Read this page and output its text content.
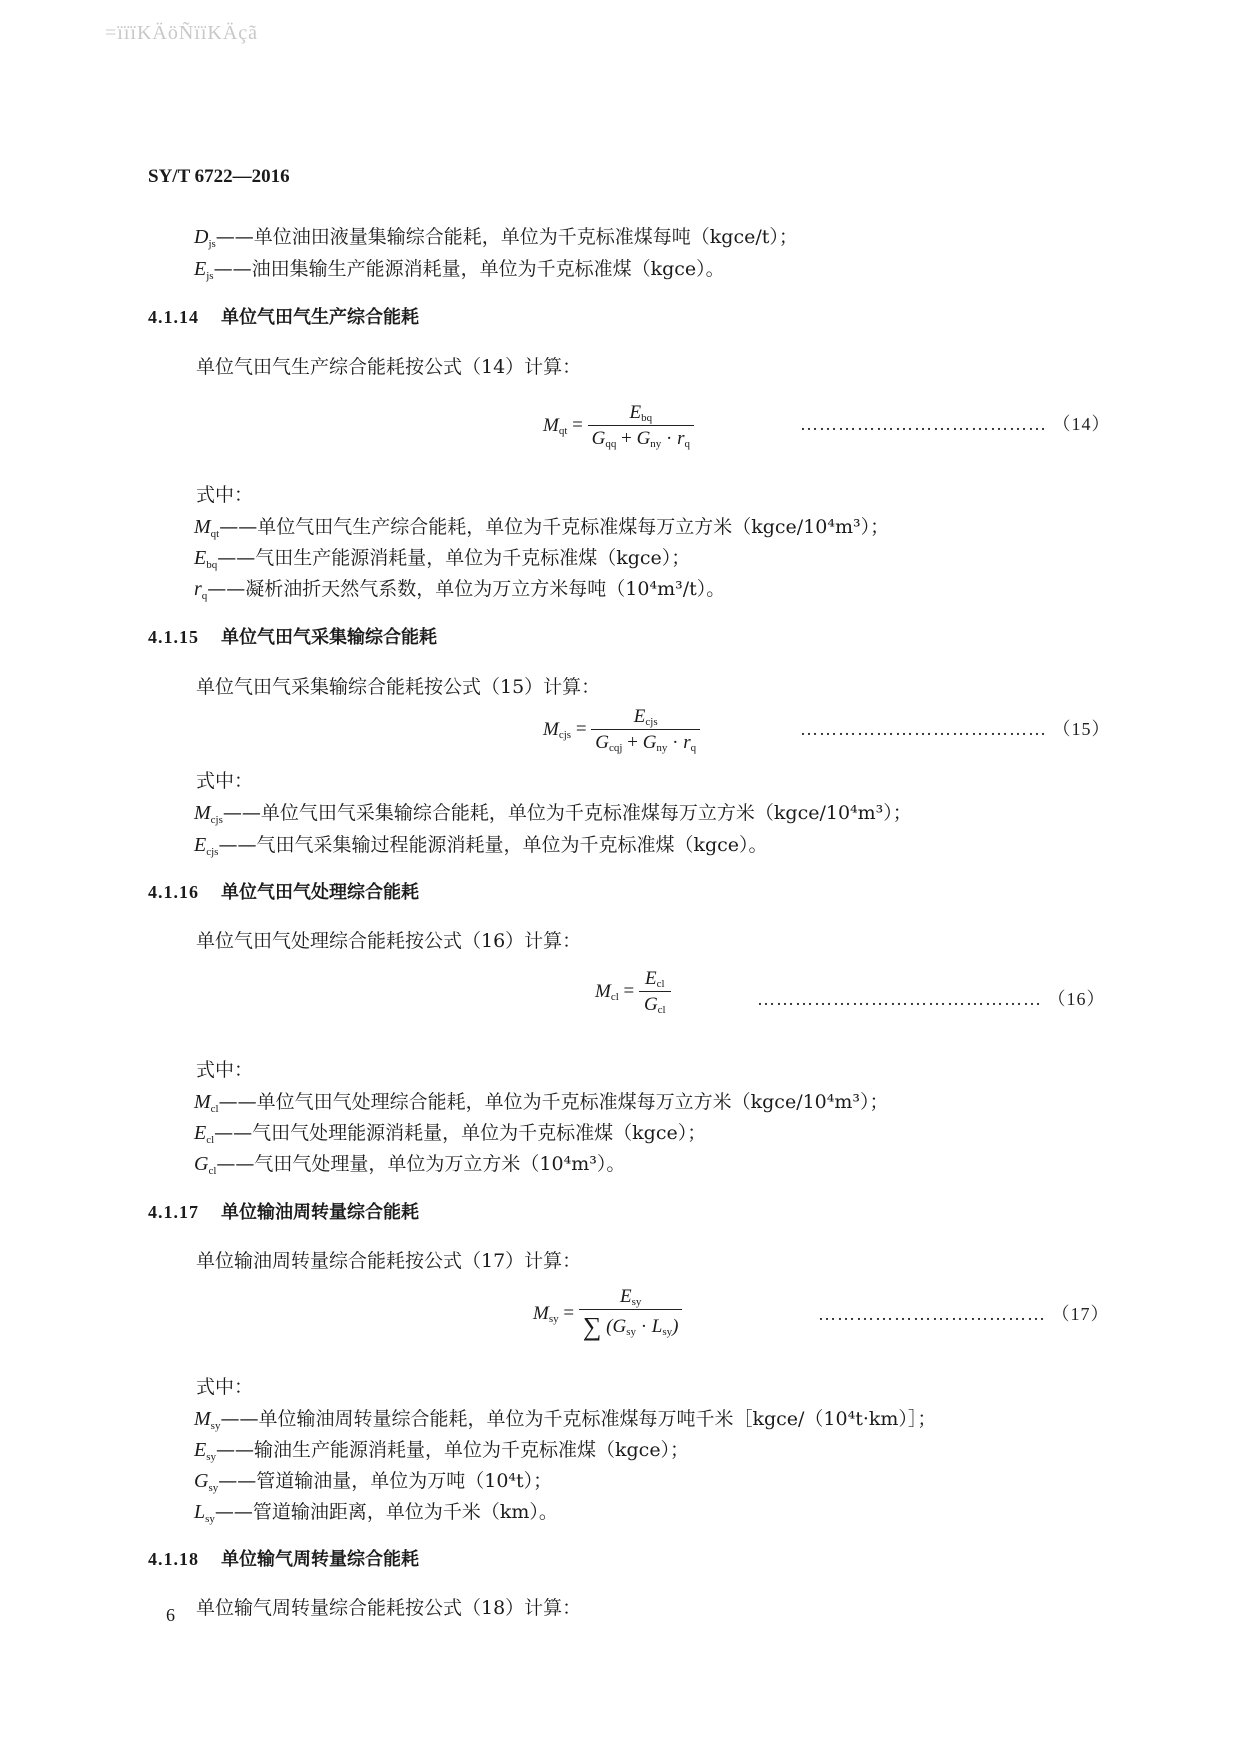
=ïïïKÄöÑïïKÄçã
SY/T 6722—2016
$D_{js}——$单位油田液量集输综合能耗，单位为千克标准煤每吨（kgce/t）；
$E_{js}——$油田集输生产能源消耗量，单位为千克标准煤（kgce）。
4.1.14 单位气田气生产综合能耗
单位气田气生产综合能耗按公式（14）计算：
$M_{qt} = \frac{E_{bq}}{G_{qq} + G_{ny} \cdot r_q}$	………………………………… （14）
式中：
$M_{qt}——$单位气田气生产综合能耗，单位为千克标准煤每万立方米（kgce/10⁴m³）；
$E_{bq}——$气田生产能源消耗量，单位为千克标准煤（kgce）；
$r_q——$凝析油折天然气系数，单位为万立方米每吨（10⁴m³/t）。
4.1.15 单位气田气采集输综合能耗
单位气田气采集输综合能耗按公式（15）计算：
$M_{cjs} = \frac{E_{cjs}}{G_{cqj} + G_{ny} \cdot r_q}$	………………………………… （15）
式中：
$M_{cjs}——$单位气田气采集输综合能耗，单位为千克标准煤每万立方米（kgce/10⁴m³）；
$E_{cjs}——$气田气采集输过程能源消耗量，单位为千克标准煤（kgce）。
4.1.16 单位气田气处理综合能耗
单位气田气处理综合能耗按公式（16）计算：
$M_{cl} = \frac{E_{cl}}{G_{cl}}$	……………………………………… （16）
式中：
$M_{cl}——$单位气田气处理综合能耗，单位为千克标准煤每万立方米（kgce/10⁴m³）；
$E_{cl}——$气田气处理能源消耗量，单位为千克标准煤（kgce）；
$G_{cl}——$气田气处理量，单位为万立方米（10⁴m³）。
4.1.17 单位输油周转量综合能耗
单位输油周转量综合能耗按公式（17）计算：
$M_{sy} = \frac{E_{sy}}{\sum (G_{sy} \cdot L_{sy})}$	……………………………… （17）
式中：
$M_{sy}——$单位输油周转量综合能耗，单位为千克标准煤每万吨千米［kgce/（10⁴t·km）］；
$E_{sy}——$输油生产能源消耗量，单位为千克标准煤（kgce）；
$G_{sy}——$管道输油量，单位为万吨（10⁴t）；
$L_{sy}——$管道输油距离，单位为千米（km）。
4.1.18 单位输气周转量综合能耗
单位输气周转量综合能耗按公式（18）计算：
6
